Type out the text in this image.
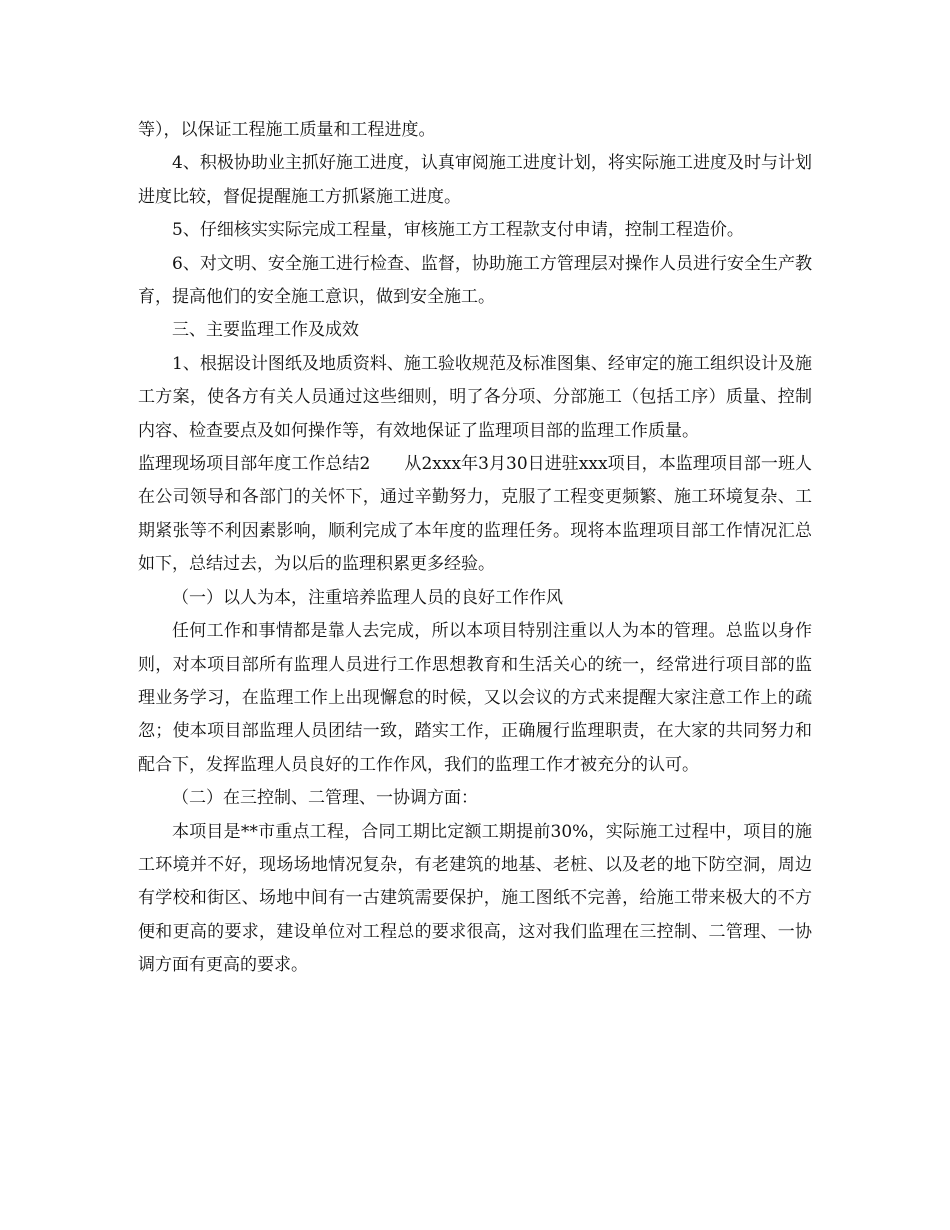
等），以保证工程施工质量和工程进度。

4、积极协助业主抓好施工进度，认真审阅施工进度计划，将实际施工进度及时与计划进度比较，督促提醒施工方抓紧施工进度。

5、仔细核实实际完成工程量，审核施工方工程款支付申请，控制工程造价。

6、对文明、安全施工进行检查、监督，协助施工方管理层对操作人员进行安全生产教育，提高他们的安全施工意识，做到安全施工。

三、主要监理工作及成效

1、根据设计图纸及地质资料、施工验收规范及标准图集、经审定的施工组织设计及施工方案，使各方有关人员通过这些细则，明了各分项、分部施工（包括工序）质量、控制内容、检查要点及如何操作等，有效地保证了监理项目部的监理工作质量。

监理现场项目部年度工作总结2　　从2xxx年3月30日进驻xxx项目，本监理项目部一班人在公司领导和各部门的关怀下，通过辛勤努力，克服了工程变更频繁、施工环境复杂、工期紧张等不利因素影响，顺利完成了本年度的监理任务。现将本监理项目部工作情况汇总如下，总结过去，为以后的监理积累更多经验。

（一）以人为本，注重培养监理人员的良好工作作风

任何工作和事情都是靠人去完成，所以本项目特别注重以人为本的管理。总监以身作则，对本项目部所有监理人员进行工作思想教育和生活关心的统一，经常进行项目部的监理业务学习，在监理工作上出现懈怠的时候，又以会议的方式来提醒大家注意工作上的疏忽；使本项目部监理人员团结一致，踏实工作，正确履行监理职责，在大家的共同努力和配合下，发挥监理人员良好的工作作风，我们的监理工作才被充分的认可。

（二）在三控制、二管理、一协调方面：

本项目是**市重点工程，合同工期比定额工期提前30%，实际施工过程中，项目的施工环境并不好，现场场地情况复杂，有老建筑的地基、老桩、以及老的地下防空洞，周边有学校和街区、场地中间有一古建筑需要保护，施工图纸不完善，给施工带来极大的不方便和更高的要求，建设单位对工程总的要求很高，这对我们监理在三控制、二管理、一协调方面有更高的要求。
